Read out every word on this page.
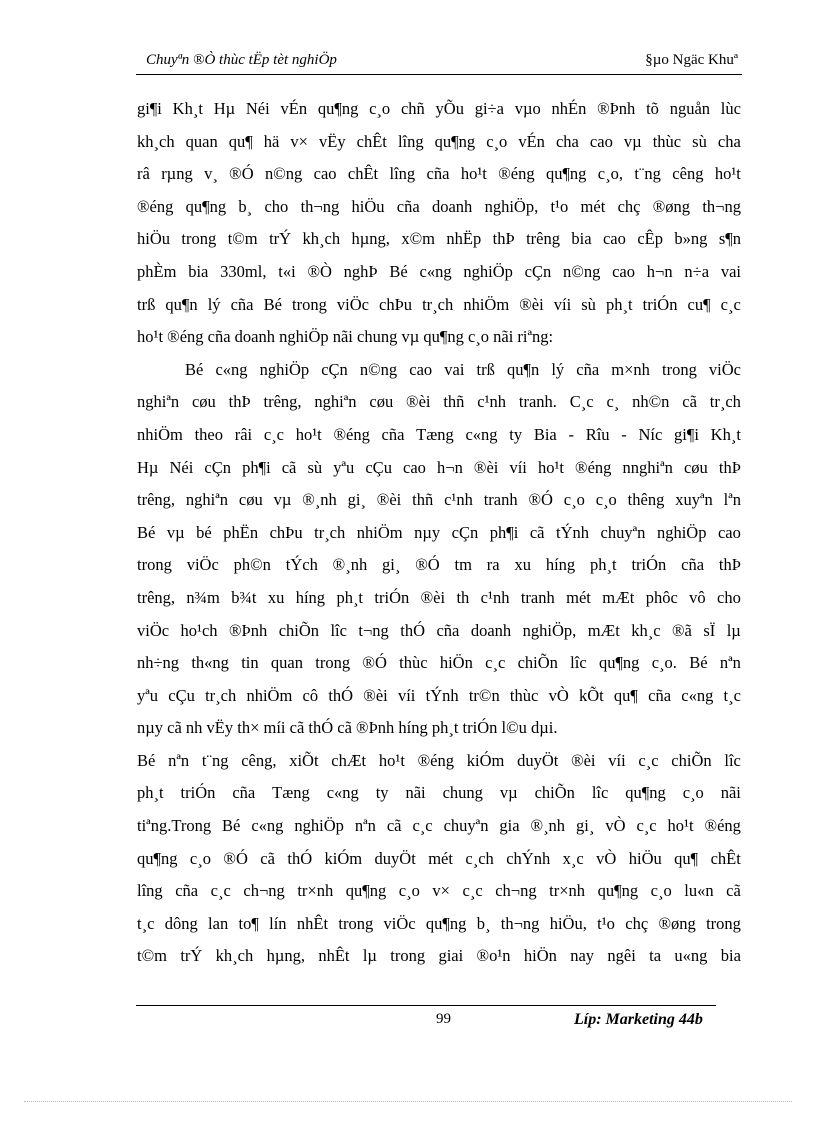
Chuyªn ®Ò thùc tËp tèt nghiÖp	§µo Ngäc Khuª
gi¶i Kh¸t Hµ Néi vÉn qu¶ng c¸o chñ yÕu gi÷a vµo nhÉn ®Þnh tõ nguån lùc
kh¸ch quan qu¶ hä v× vËy chÊt lîng qu¶ng c¸o vÉn cha cao vµ thùc sù cha
râ rµng v¸ ®Ó n©ng cao chÊt lîng cña ho¹t ®éng qu¶ng c¸o, t¨ng cêng ho¹t
®éng qu¶ng b¸ cho th¬ng hiÖu cña doanh nghiÖp, t¹o mét chç ®øng th¬ng
hiÖu trong t©m trÝ kh¸ch hµng, x©m nhËp thÞ trêng bia cao cÊp b»ng s¶n
phÈm bia 330ml, t«i ®Ò nghÞ Bé c«ng nghiÖp cÇn n©ng cao h¬n n÷a vai
trß qu¶n lý cña Bé trong viÖc chÞu tr¸ch nhiÖm ®èi víi sù ph¸t triÓn cu¶ c¸c
ho¹t ®éng cña doanh nghiÖp nãi chung vµ qu¶ng c¸o nãi riªng:
Bé c«ng nghiÖp cÇn n©ng cao vai trß qu¶n lý cña m×nh trong viÖc
nghiªn cøu thÞ trêng, nghiªn cøu ®èi thñ c¹nh tranh. C¸c c¸ nh©n cã tr¸ch
nhiÖm theo râi c¸c ho¹t ®éng cña Tæng c«ng ty Bia - Rîu - Níc gi¶i Kh¸t
Hµ Néi cÇn ph¶i cã sù yªu cÇu cao h¬n ®èi víi ho¹t ®éng nnghiªn cøu thÞ
trêng, nghiªn cøu vµ ®¸nh gi¸ ®èi thñ c¹nh tranh ®Ó c¸o c¸o thêng xuyªn lªn
Bé vµ bé phËn chÞu tr¸ch nhiÖm nµy cÇn ph¶i cã tÝnh chuyªn nghiÖp cao
trong viÖc ph©n tÝch ®¸nh gi¸ ®Ó tm ra xu híng ph¸t triÓn cña thÞ
trêng, n¾m b¾t xu híng ph¸t triÓn ®èi th c¹nh tranh mét mÆt phôc vô cho
viÖc ho¹ch ®Þnh chiÕn lîc t¬ng thÓ cña doanh nghiÖp, mÆt kh¸c ®ã sÏ lµ
nh÷ng th«ng tin quan trong ®Ó thùc hiÖn c¸c chiÕn lîc qu¶ng c¸o. Bé nªn
yªu cÇu tr¸ch nhiÖm cô thÓ ®èi víi tÝnh tr©n thùc vÒ kÕt qu¶ cña c«ng t¸c
nµy cã nh vËy th× míi cã thÓ cã ®Þnh híng ph¸t triÓn l©u dµi.
Bé nªn t¨ng cêng, xiÕt chÆt ho¹t ®éng kiÓm duyÖt ®èi víi c¸c chiÕn lîc
ph¸t triÓn cña Tæng c«ng ty nãi chung vµ chiÕn lîc qu¶ng c¸o nãi
tiªng.Trong Bé c«ng nghiÖp nªn cã c¸c chuyªn gia ®¸nh gi¸ vÒ c¸c ho¹t ®éng
qu¶ng c¸o ®Ó cã thÓ kiÓm duyÖt mét c¸ch chÝnh x¸c vÒ hiÖu qu¶ chÊt
lîng cña c¸c ch¬ng tr×nh qu¶ng c¸o v× c¸c ch¬ng tr×nh qu¶ng c¸o lu«n cã
t¸c dông lan to¶ lín nhÊt trong viÖc qu¶ng b¸ th¬ng hiÖu, t¹o chç ®øng trong
t©m trÝ kh¸ch hµng, nhÊt lµ trong giai ®o¹n hiÖn nay ngêi ta u«ng bia
99	Líp: Marketing 44b
